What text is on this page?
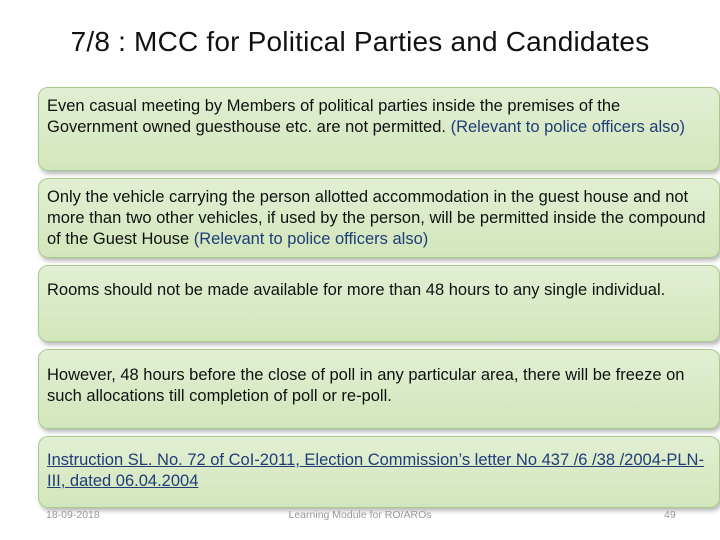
7/8 : MCC for Political Parties and Candidates
Even casual meeting by Members of political parties inside the premises of the Government owned guesthouse etc. are not permitted. (Relevant to police officers also)
Only the vehicle carrying the person allotted accommodation in the guest house and not more than two other vehicles, if used by the person, will be permitted inside the compound of the Guest House (Relevant to police officers also)
Rooms should not be made available for more than 48 hours to any single individual.
However, 48 hours before the close of poll in any particular area, there will be freeze on such allocations till completion of poll or re-poll.
Instruction SL. No. 72 of CoI-2011, Election Commission’s letter No 437 /6 /38 /2004-PLN-III, dated 06.04.2004
18-09-2018	Learning Module for RO/AROs	49
